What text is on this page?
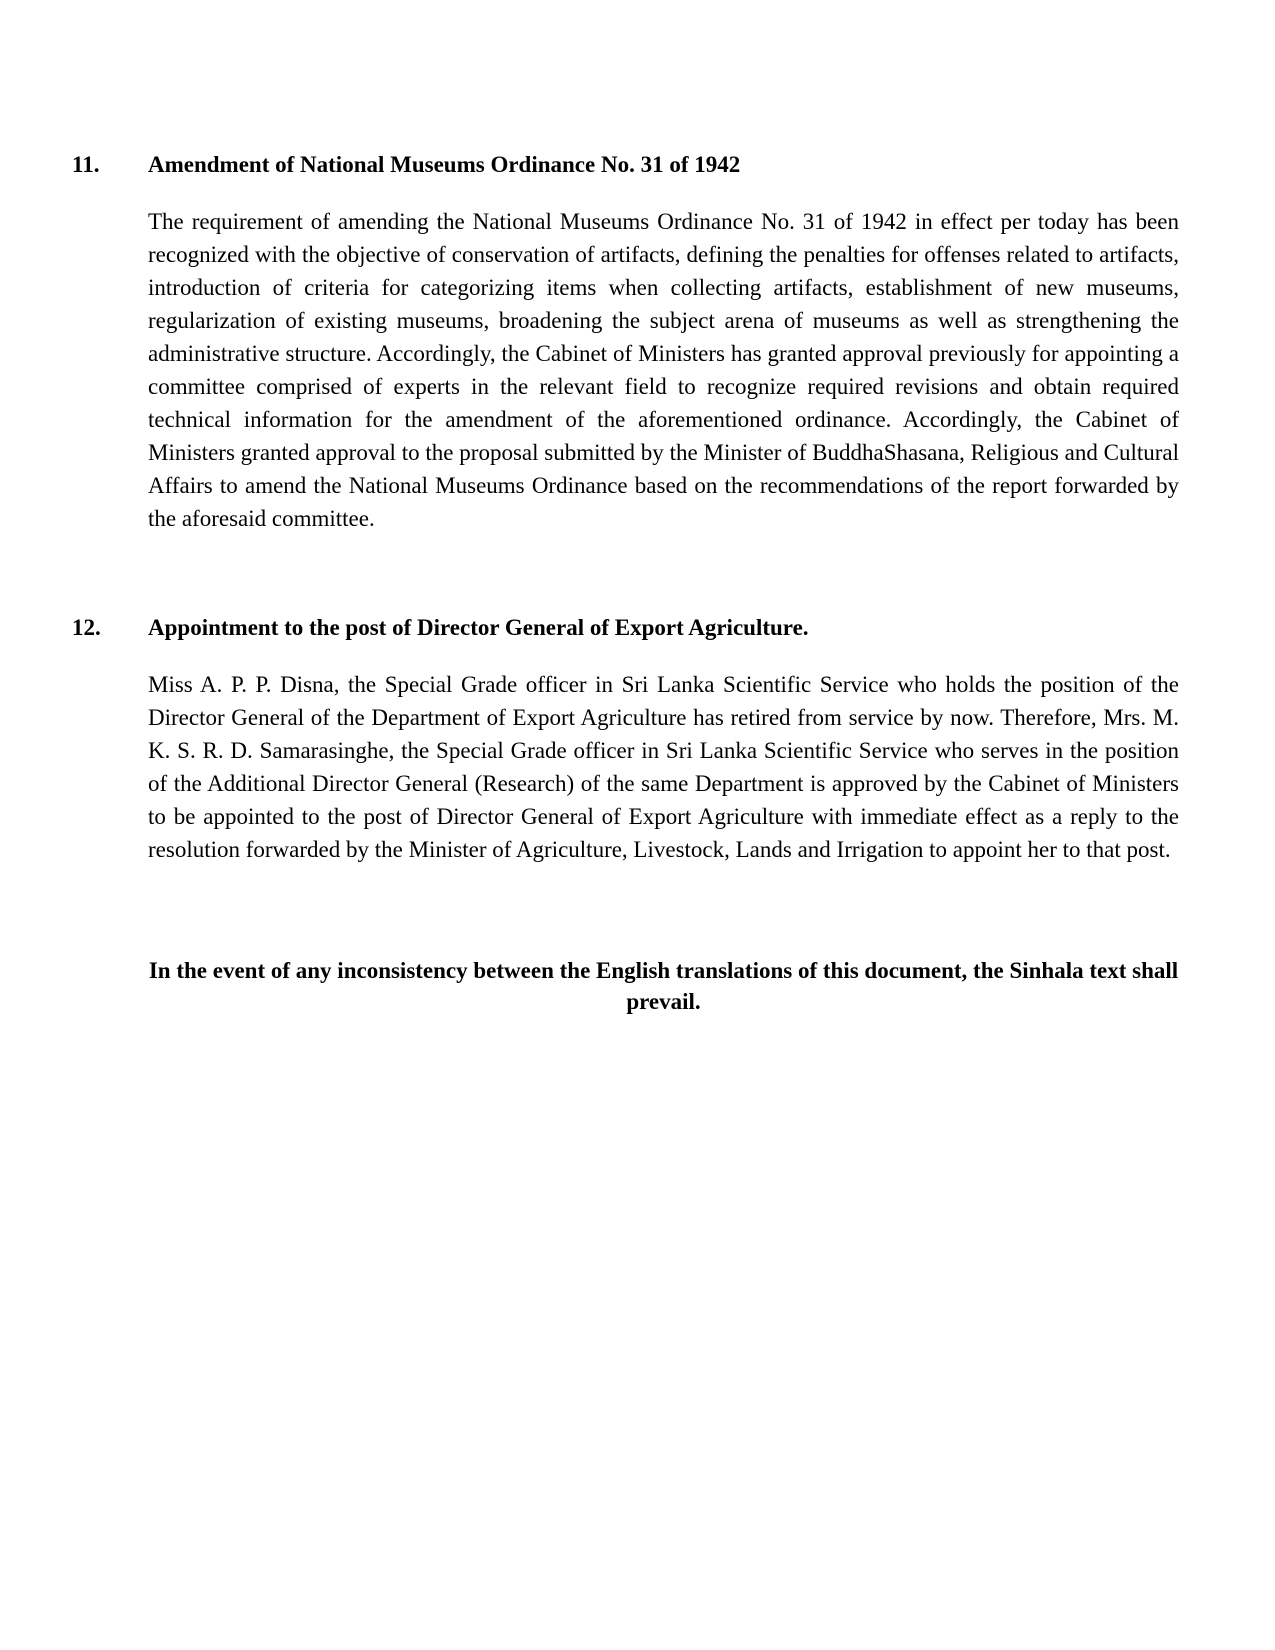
11. Amendment of National Museums Ordinance No. 31 of 1942

The requirement of amending the National Museums Ordinance No. 31 of 1942 in effect per today has been recognized with the objective of conservation of artifacts, defining the penalties for offenses related to artifacts, introduction of criteria for categorizing items when collecting artifacts, establishment of new museums, regularization of existing museums, broadening the subject arena of museums as well as strengthening the administrative structure. Accordingly, the Cabinet of Ministers has granted approval previously for appointing a committee comprised of experts in the relevant field to recognize required revisions and obtain required technical information for the amendment of the aforementioned ordinance. Accordingly, the Cabinet of Ministers granted approval to the proposal submitted by the Minister of BuddhaShasana, Religious and Cultural Affairs to amend the National Museums Ordinance based on the recommendations of the report forwarded by the aforesaid committee.

12. Appointment to the post of Director General of Export Agriculture.

Miss A. P. P. Disna, the Special Grade officer in Sri Lanka Scientific Service who holds the position of the Director General of the Department of Export Agriculture has retired from service by now. Therefore, Mrs. M. K. S. R. D. Samarasinghe, the Special Grade officer in Sri Lanka Scientific Service who serves in the position of the Additional Director General (Research) of the same Department is approved by the Cabinet of Ministers to be appointed to the post of Director General of Export Agriculture with immediate effect as a reply to the resolution forwarded by the Minister of Agriculture, Livestock, Lands and Irrigation to appoint her to that post.

In the event of any inconsistency between the English translations of this document, the Sinhala text shall prevail.
